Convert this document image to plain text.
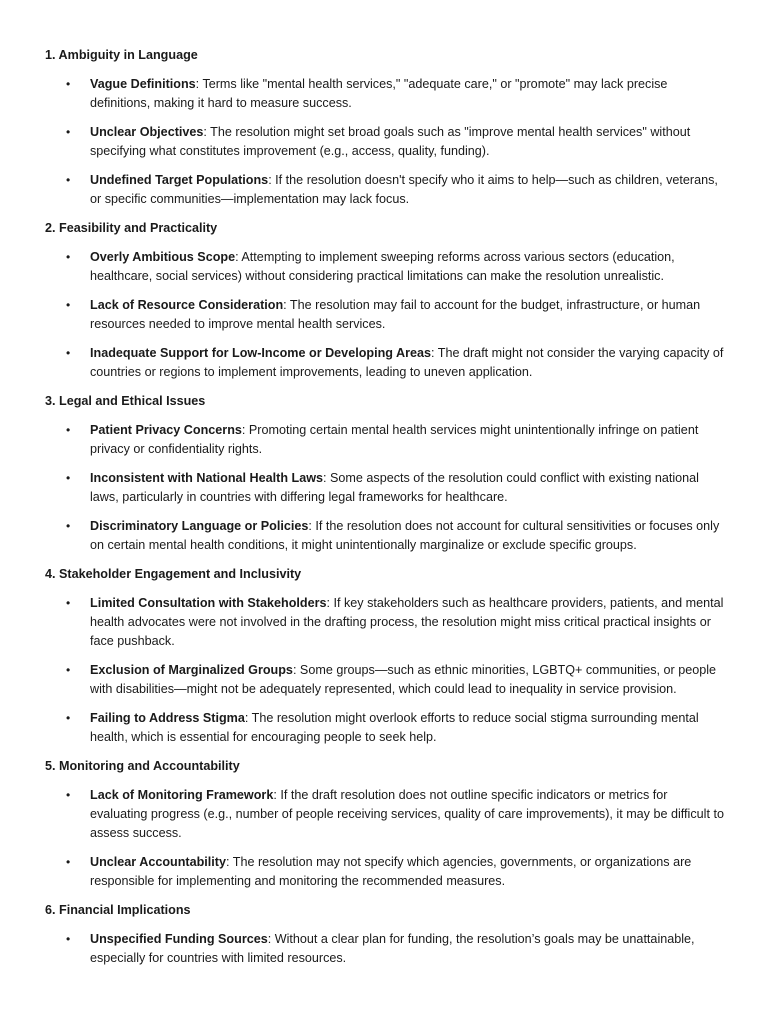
1. Ambiguity in Language
• Vague Definitions: Terms like "mental health services," "adequate care," or "promote" may lack precise definitions, making it hard to measure success.
• Unclear Objectives: The resolution might set broad goals such as "improve mental health services" without specifying what constitutes improvement (e.g., access, quality, funding).
• Undefined Target Populations: If the resolution doesn't specify who it aims to help—such as children, veterans, or specific communities—implementation may lack focus.
2. Feasibility and Practicality
• Overly Ambitious Scope: Attempting to implement sweeping reforms across various sectors (education, healthcare, social services) without considering practical limitations can make the resolution unrealistic.
• Lack of Resource Consideration: The resolution may fail to account for the budget, infrastructure, or human resources needed to improve mental health services.
• Inadequate Support for Low-Income or Developing Areas: The draft might not consider the varying capacity of countries or regions to implement improvements, leading to uneven application.
3. Legal and Ethical Issues
• Patient Privacy Concerns: Promoting certain mental health services might unintentionally infringe on patient privacy or confidentiality rights.
• Inconsistent with National Health Laws: Some aspects of the resolution could conflict with existing national laws, particularly in countries with differing legal frameworks for healthcare.
• Discriminatory Language or Policies: If the resolution does not account for cultural sensitivities or focuses only on certain mental health conditions, it might unintentionally marginalize or exclude specific groups.
4. Stakeholder Engagement and Inclusivity
• Limited Consultation with Stakeholders: If key stakeholders such as healthcare providers, patients, and mental health advocates were not involved in the drafting process, the resolution might miss critical practical insights or face pushback.
• Exclusion of Marginalized Groups: Some groups—such as ethnic minorities, LGBTQ+ communities, or people with disabilities—might not be adequately represented, which could lead to inequality in service provision.
• Failing to Address Stigma: The resolution might overlook efforts to reduce social stigma surrounding mental health, which is essential for encouraging people to seek help.
5. Monitoring and Accountability
• Lack of Monitoring Framework: If the draft resolution does not outline specific indicators or metrics for evaluating progress (e.g., number of people receiving services, quality of care improvements), it may be difficult to assess success.
• Unclear Accountability: The resolution may not specify which agencies, governments, or organizations are responsible for implementing and monitoring the recommended measures.
6. Financial Implications
• Unspecified Funding Sources: Without a clear plan for funding, the resolution’s goals may be unattainable, especially for countries with limited resources.
